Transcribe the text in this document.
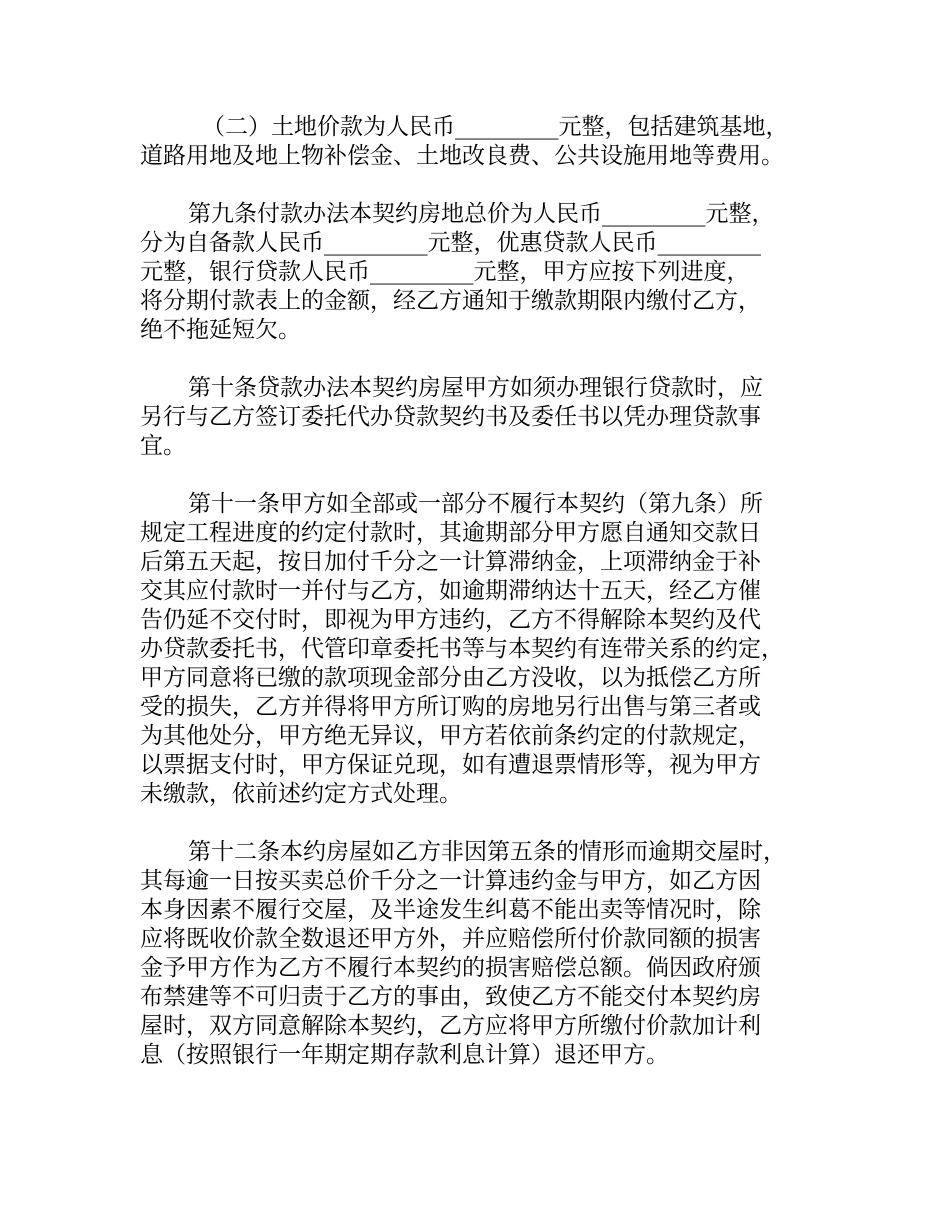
（二）土地价款为人民币_________元整，包括建筑基地，
道路用地及地上物补偿金、土地改良费、公共设施用地等费用。

第九条付款办法本契约房地总价为人民币_________元整，
分为自备款人民币_________元整，优惠贷款人民币_________
元整，银行贷款人民币_________元整，甲方应按下列进度，
将分期付款表上的金额，经乙方通知于缴款期限内缴付乙方，
绝不拖延短欠。

第十条贷款办法本契约房屋甲方如须办理银行贷款时，应
另行与乙方签订委托代办贷款契约书及委任书以凭办理贷款事
宜。

第十一条甲方如全部或一部分不履行本契约（第九条）所
规定工程进度的约定付款时，其逾期部分甲方愿自通知交款日
后第五天起，按日加付千分之一计算滞纳金，上项滞纳金于补
交其应付款时一并付与乙方，如逾期滞纳达十五天，经乙方催
告仍延不交付时，即视为甲方违约，乙方不得解除本契约及代
办贷款委托书，代管印章委托书等与本契约有连带关系的约定，
甲方同意将已缴的款项现金部分由乙方没收，以为抵偿乙方所
受的损失，乙方并得将甲方所订购的房地另行出售与第三者或
为其他处分，甲方绝无异议，甲方若依前条约定的付款规定，
以票据支付时，甲方保证兑现，如有遭退票情形等，视为甲方
未缴款，依前述约定方式处理。

第十二条本约房屋如乙方非因第五条的情形而逾期交屋时，
其每逾一日按买卖总价千分之一计算违约金与甲方，如乙方因
本身因素不履行交屋，及半途发生纠葛不能出卖等情况时，除
应将既收价款全数退还甲方外，并应赔偿所付价款同额的损害
金予甲方作为乙方不履行本契约的损害赔偿总额。倘因政府颁
布禁建等不可归责于乙方的事由，致使乙方不能交付本契约房
屋时，双方同意解除本契约，乙方应将甲方所缴付价款加计利
息（按照银行一年期定期存款利息计算）退还甲方。
